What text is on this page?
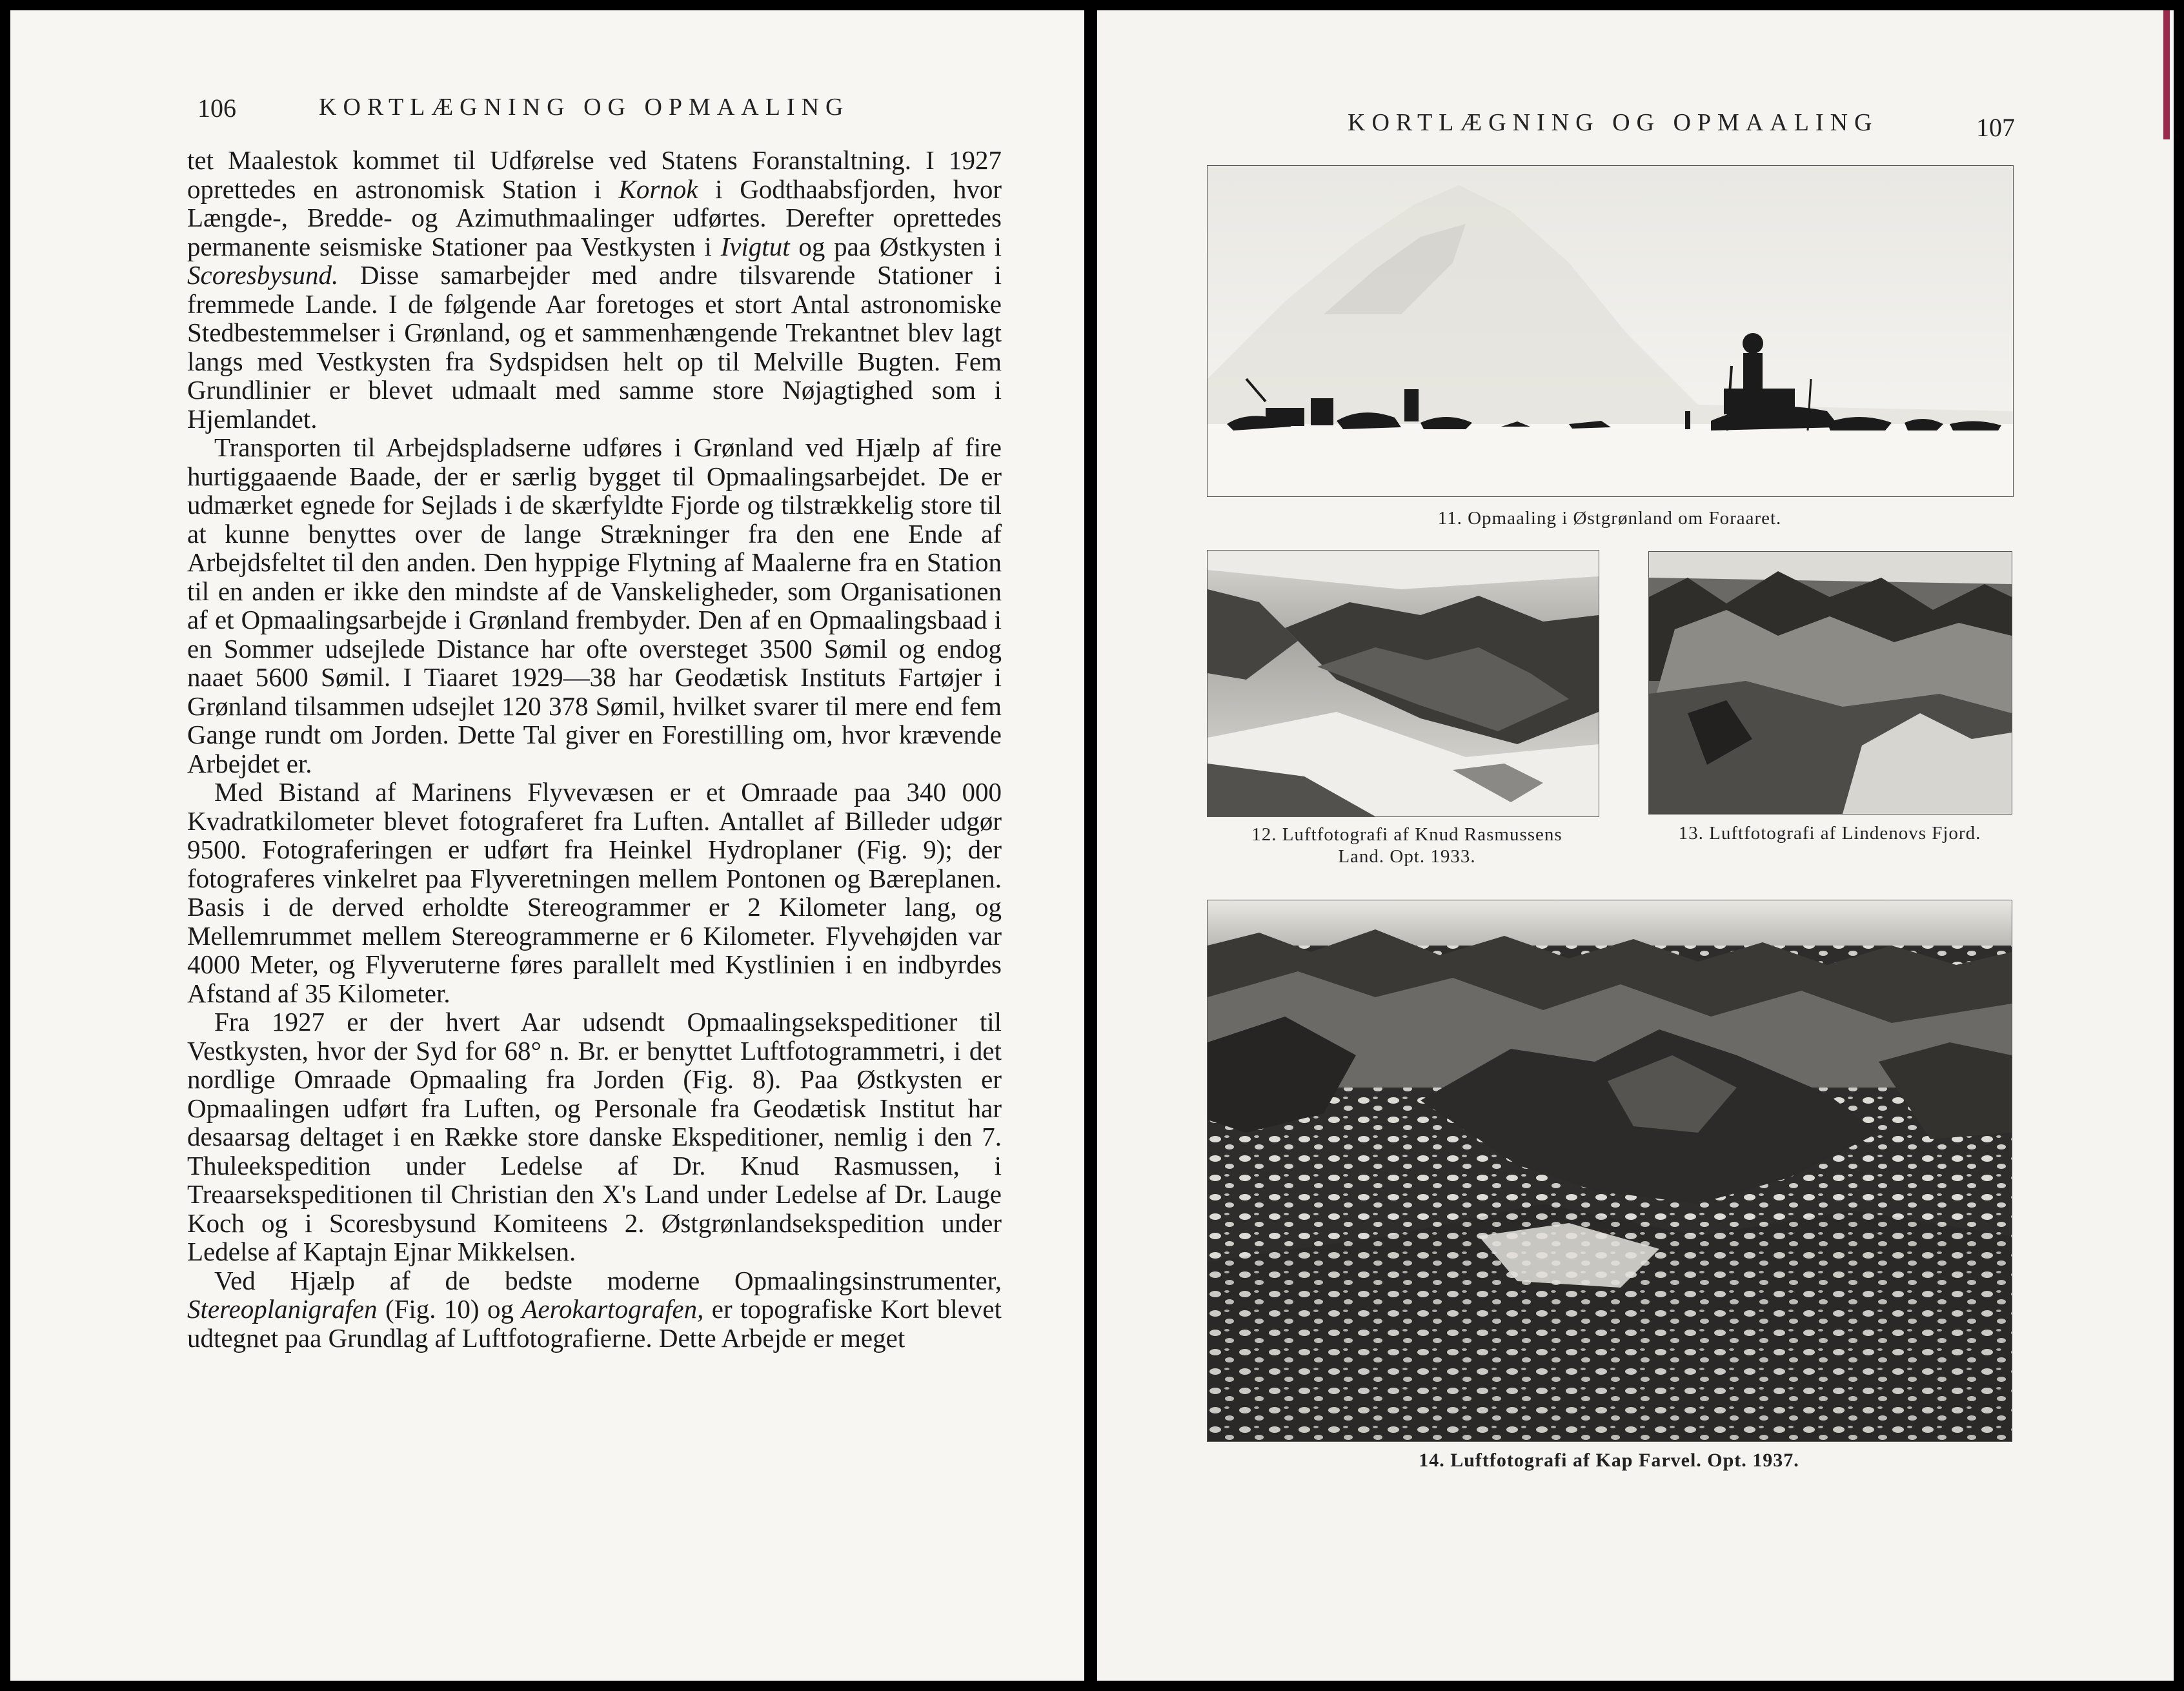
106	KORTLÆGNING OG OPMAALING

tet Maalestok kommet til Udførelse ved Statens Foranstaltning. I 1927 oprettedes en astronomisk Station i Kornok i Godthaabsfjorden, hvor Længde-, Bredde- og Azimuthmaalinger udførtes. Derefter oprettedes permanente seismiske Stationer paa Vestkysten i Ivigtut og paa Østkysten i Scoresbysund. Disse samarbejder med andre tilsvarende Stationer i fremmede Lande. I de følgende Aar foretoges et stort Antal astronomiske Stedbestemmelser i Grønland, og et sammenhængende Trekantnet blev lagt langs med Vestkysten fra Sydspidsen helt op til Melville Bugten. Fem Grundlinier er blevet udmaalt med samme store Nøjagtighed som i Hjemlandet.

Transporten til Arbejdspladserne udføres i Grønland ved Hjælp af fire hurtiggaaende Baade, der er særlig bygget til Opmaalingsarbejdet. De er udmærket egnede for Sejlads i de skærfyldte Fjorde og tilstrækkelig store til at kunne benyttes over de lange Strækninger fra den ene Ende af Arbejdsfeltet til den anden. Den hyppige Flytning af Maalerne fra en Station til en anden er ikke den mindste af de Vanskeligheder, som Organisationen af et Opmaalingsarbejde i Grønland frembyder. Den af en Opmaalingsbaad i en Sommer udsejlede Distance har ofte oversteget 3500 Sømil og endog naaet 5600 Sømil. I Tiaaret 1929—38 har Geodætisk Instituts Fartøjer i Grønland tilsammen udsejlet 120 378 Sømil, hvilket svarer til mere end fem Gange rundt om Jorden. Dette Tal giver en Forestilling om, hvor krævende Arbejdet er.

Med Bistand af Marinens Flyvevæsen er et Omraade paa 340 000 Kvadratkilometer blevet fotograferet fra Luften. Antallet af Billeder udgør 9500. Fotograferingen er udført fra Heinkel Hydroplaner (Fig. 9); der fotograferes vinkelret paa Flyveretningen mellem Pontonen og Bæreplanen. Basis i de derved erholdte Stereogrammer er 2 Kilometer lang, og Mellemrummet mellem Stereogrammerne er 6 Kilometer. Flyvehøjden var 4000 Meter, og Flyveruterne føres parallelt med Kystlinien i en indbyrdes Afstand af 35 Kilometer.

Fra 1927 er der hvert Aar udsendt Opmaalingsekspeditioner til Vestkysten, hvor der Syd for 68° n. Br. er benyttet Luftfotogrammetri, i det nordlige Omraade Opmaaling fra Jorden (Fig. 8). Paa Østkysten er Opmaalingen udført fra Luften, og Personale fra Geodætisk Institut har desaarsag deltaget i en Række store danske Ekspeditioner, nemlig i den 7. Thuleekspedition under Ledelse af Dr. Knud Rasmussen, i Treaarsekspeditionen til Christian den X's Land under Ledelse af Dr. Lauge Koch og i Scoresbysund Komiteens 2. Østgrønlandsekspedition under Ledelse af Kaptajn Ejnar Mikkelsen.

Ved Hjælp af de bedste moderne Opmaalingsinstrumenter, Stereoplanigrafen (Fig. 10) og Aerokartografen, er topografiske Kort blevet udtegnet paa Grundlag af Luftfotografierne. Dette Arbejde er meget

KORTLÆGNING OG OPMAALING	107
11. Opmaaling i Østgrønland om Foraaret.
12. Luftfotografi af Knud Rasmussens Land. Opt. 1933.
13. Luftfotografi af Lindenovs Fjord.
14. Luftfotografi af Kap Farvel. Opt. 1937.
